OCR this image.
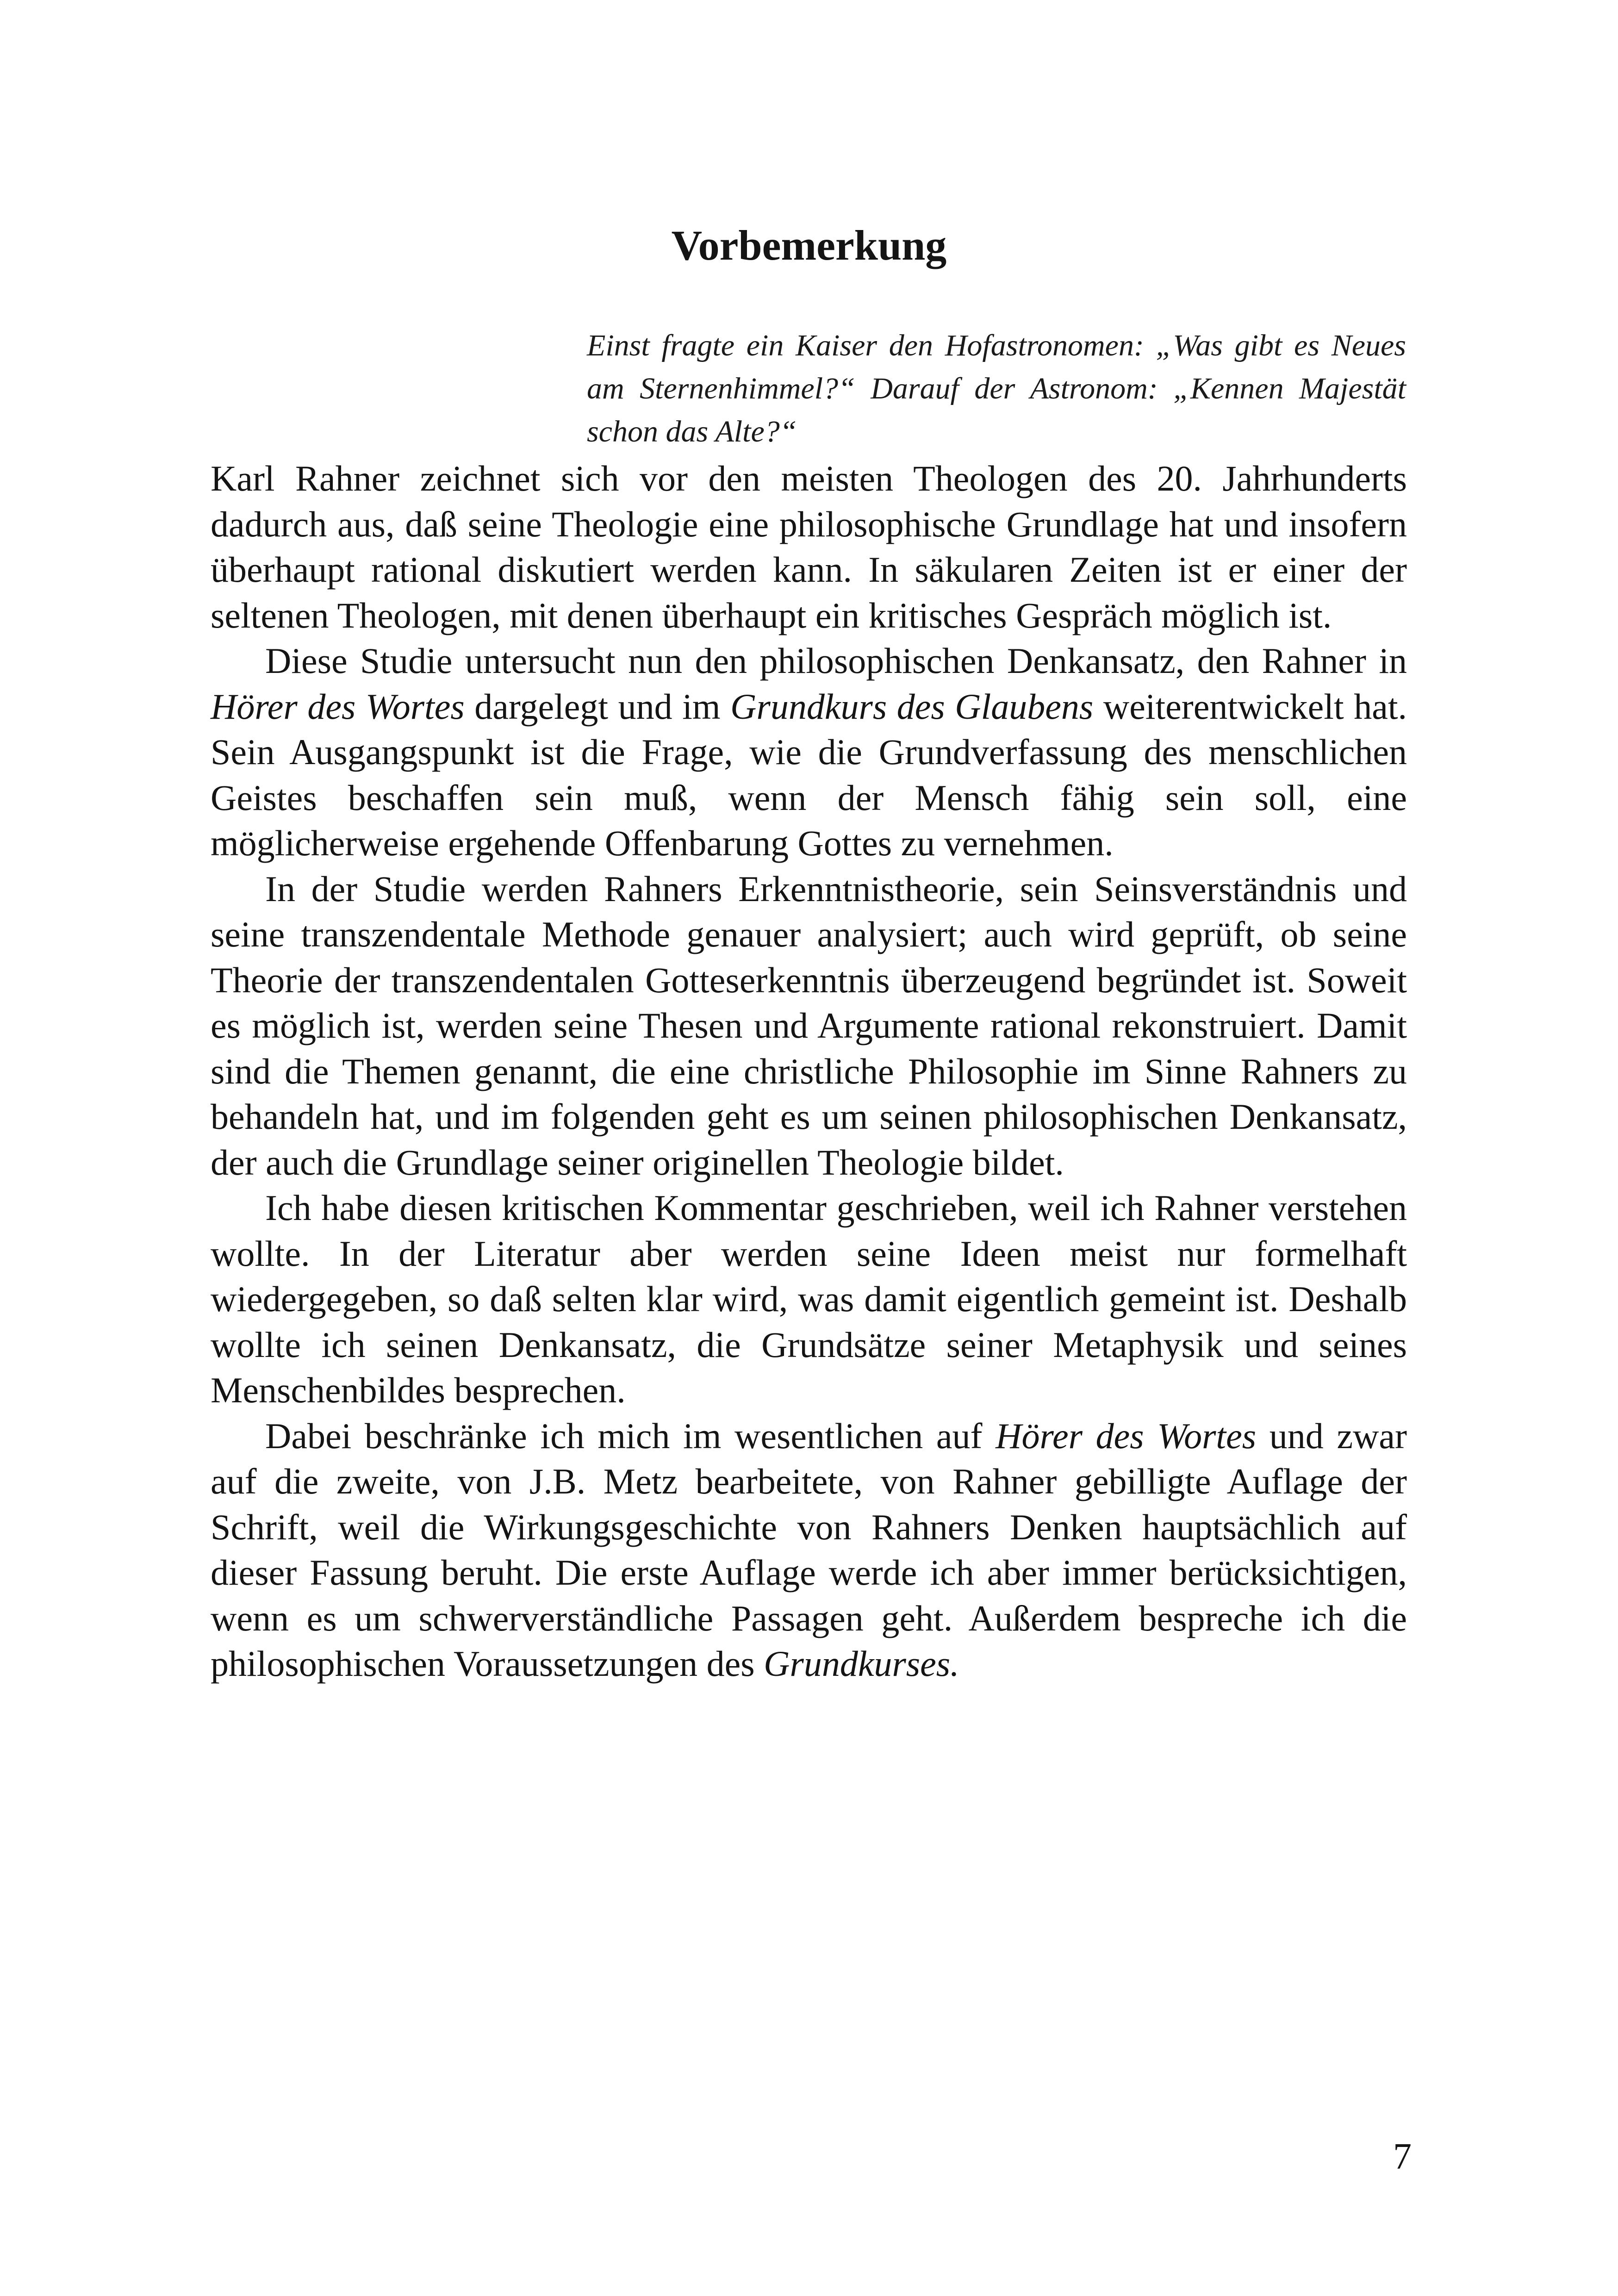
Vorbemerkung

Einst fragte ein Kaiser den Hofastronomen: „Was gibt es Neues am Sternenhimmel?“ Darauf der Astronom: „Kennen Majestät schon das Alte?“

Karl Rahner zeichnet sich vor den meisten Theologen des 20. Jahrhunderts dadurch aus, daß seine Theologie eine philosophische Grundlage hat und insofern überhaupt rational diskutiert werden kann. In säkularen Zeiten ist er einer der seltenen Theologen, mit denen überhaupt ein kritisches Gespräch möglich ist.

Diese Studie untersucht nun den philosophischen Denkansatz, den Rahner in Hörer des Wortes dargelegt und im Grundkurs des Glaubens weiterentwickelt hat. Sein Ausgangspunkt ist die Frage, wie die Grundverfassung des menschlichen Geistes beschaffen sein muß, wenn der Mensch fähig sein soll, eine möglicherweise ergehende Offenbarung Gottes zu vernehmen.

In der Studie werden Rahners Erkenntnistheorie, sein Seinsverständnis und seine transzendentale Methode genauer analysiert; auch wird geprüft, ob seine Theorie der transzendentalen Gotteserkenntnis überzeugend begründet ist. Soweit es möglich ist, werden seine Thesen und Argumente rational rekonstruiert. Damit sind die Themen genannt, die eine christliche Philosophie im Sinne Rahners zu behandeln hat, und im folgenden geht es um seinen philosophischen Denkansatz, der auch die Grundlage seiner originellen Theologie bildet.

Ich habe diesen kritischen Kommentar geschrieben, weil ich Rahner verstehen wollte. In der Literatur aber werden seine Ideen meist nur formelhaft wiedergegeben, so daß selten klar wird, was damit eigentlich gemeint ist. Deshalb wollte ich seinen Denkansatz, die Grundsätze seiner Metaphysik und seines Menschenbildes besprechen.

Dabei beschränke ich mich im wesentlichen auf Hörer des Wortes und zwar auf die zweite, von J.B. Metz bearbeitete, von Rahner gebilligte Auflage der Schrift, weil die Wirkungsgeschichte von Rahners Denken hauptsächlich auf dieser Fassung beruht. Die erste Auflage werde ich aber immer berücksichtigen, wenn es um schwerverständliche Passagen geht. Außerdem bespreche ich die philosophischen Voraussetzungen des Grundkurses.

7
